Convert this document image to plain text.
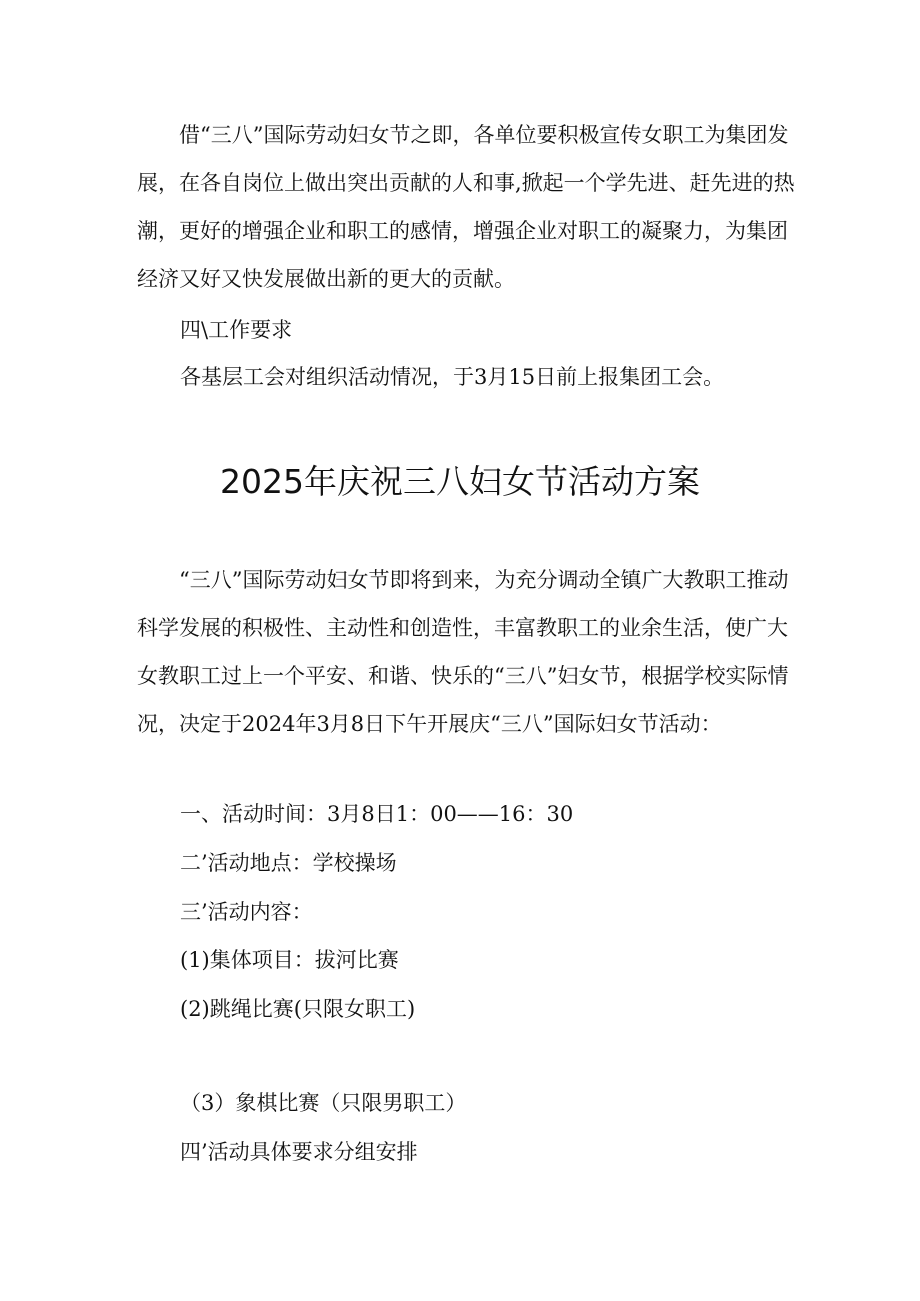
借“三八”国际劳动妇女节之即，各单位要积极宣传女职工为集团发展，在各自岗位上做出突出贡献的人和事,掀起一个学先进、赶先进的热潮，更好的增强企业和职工的感情，增强企业对职工的凝聚力，为集团经济又好又快发展做出新的更大的贡献。

四\工作要求

各基层工会对组织活动情况，于3月15日前上报集团工会。

2025年庆祝三八妇女节活动方案

“三八”国际劳动妇女节即将到来，为充分调动全镇广大教职工推动科学发展的积极性、主动性和创造性，丰富教职工的业余生活，使广大女教职工过上一个平安、和谐、快乐的“三八”妇女节，根据学校实际情况，决定于2024年3月8日下午开展庆“三八”国际妇女节活动：

一、活动时间：3月8日1：00——16：30

二’活动地点：学校操场

三’活动内容：

(1)集体项目：拔河比赛

(2)跳绳比赛(只限女职工)

（3）象棋比赛（只限男职工）

四’活动具体要求分组安排
